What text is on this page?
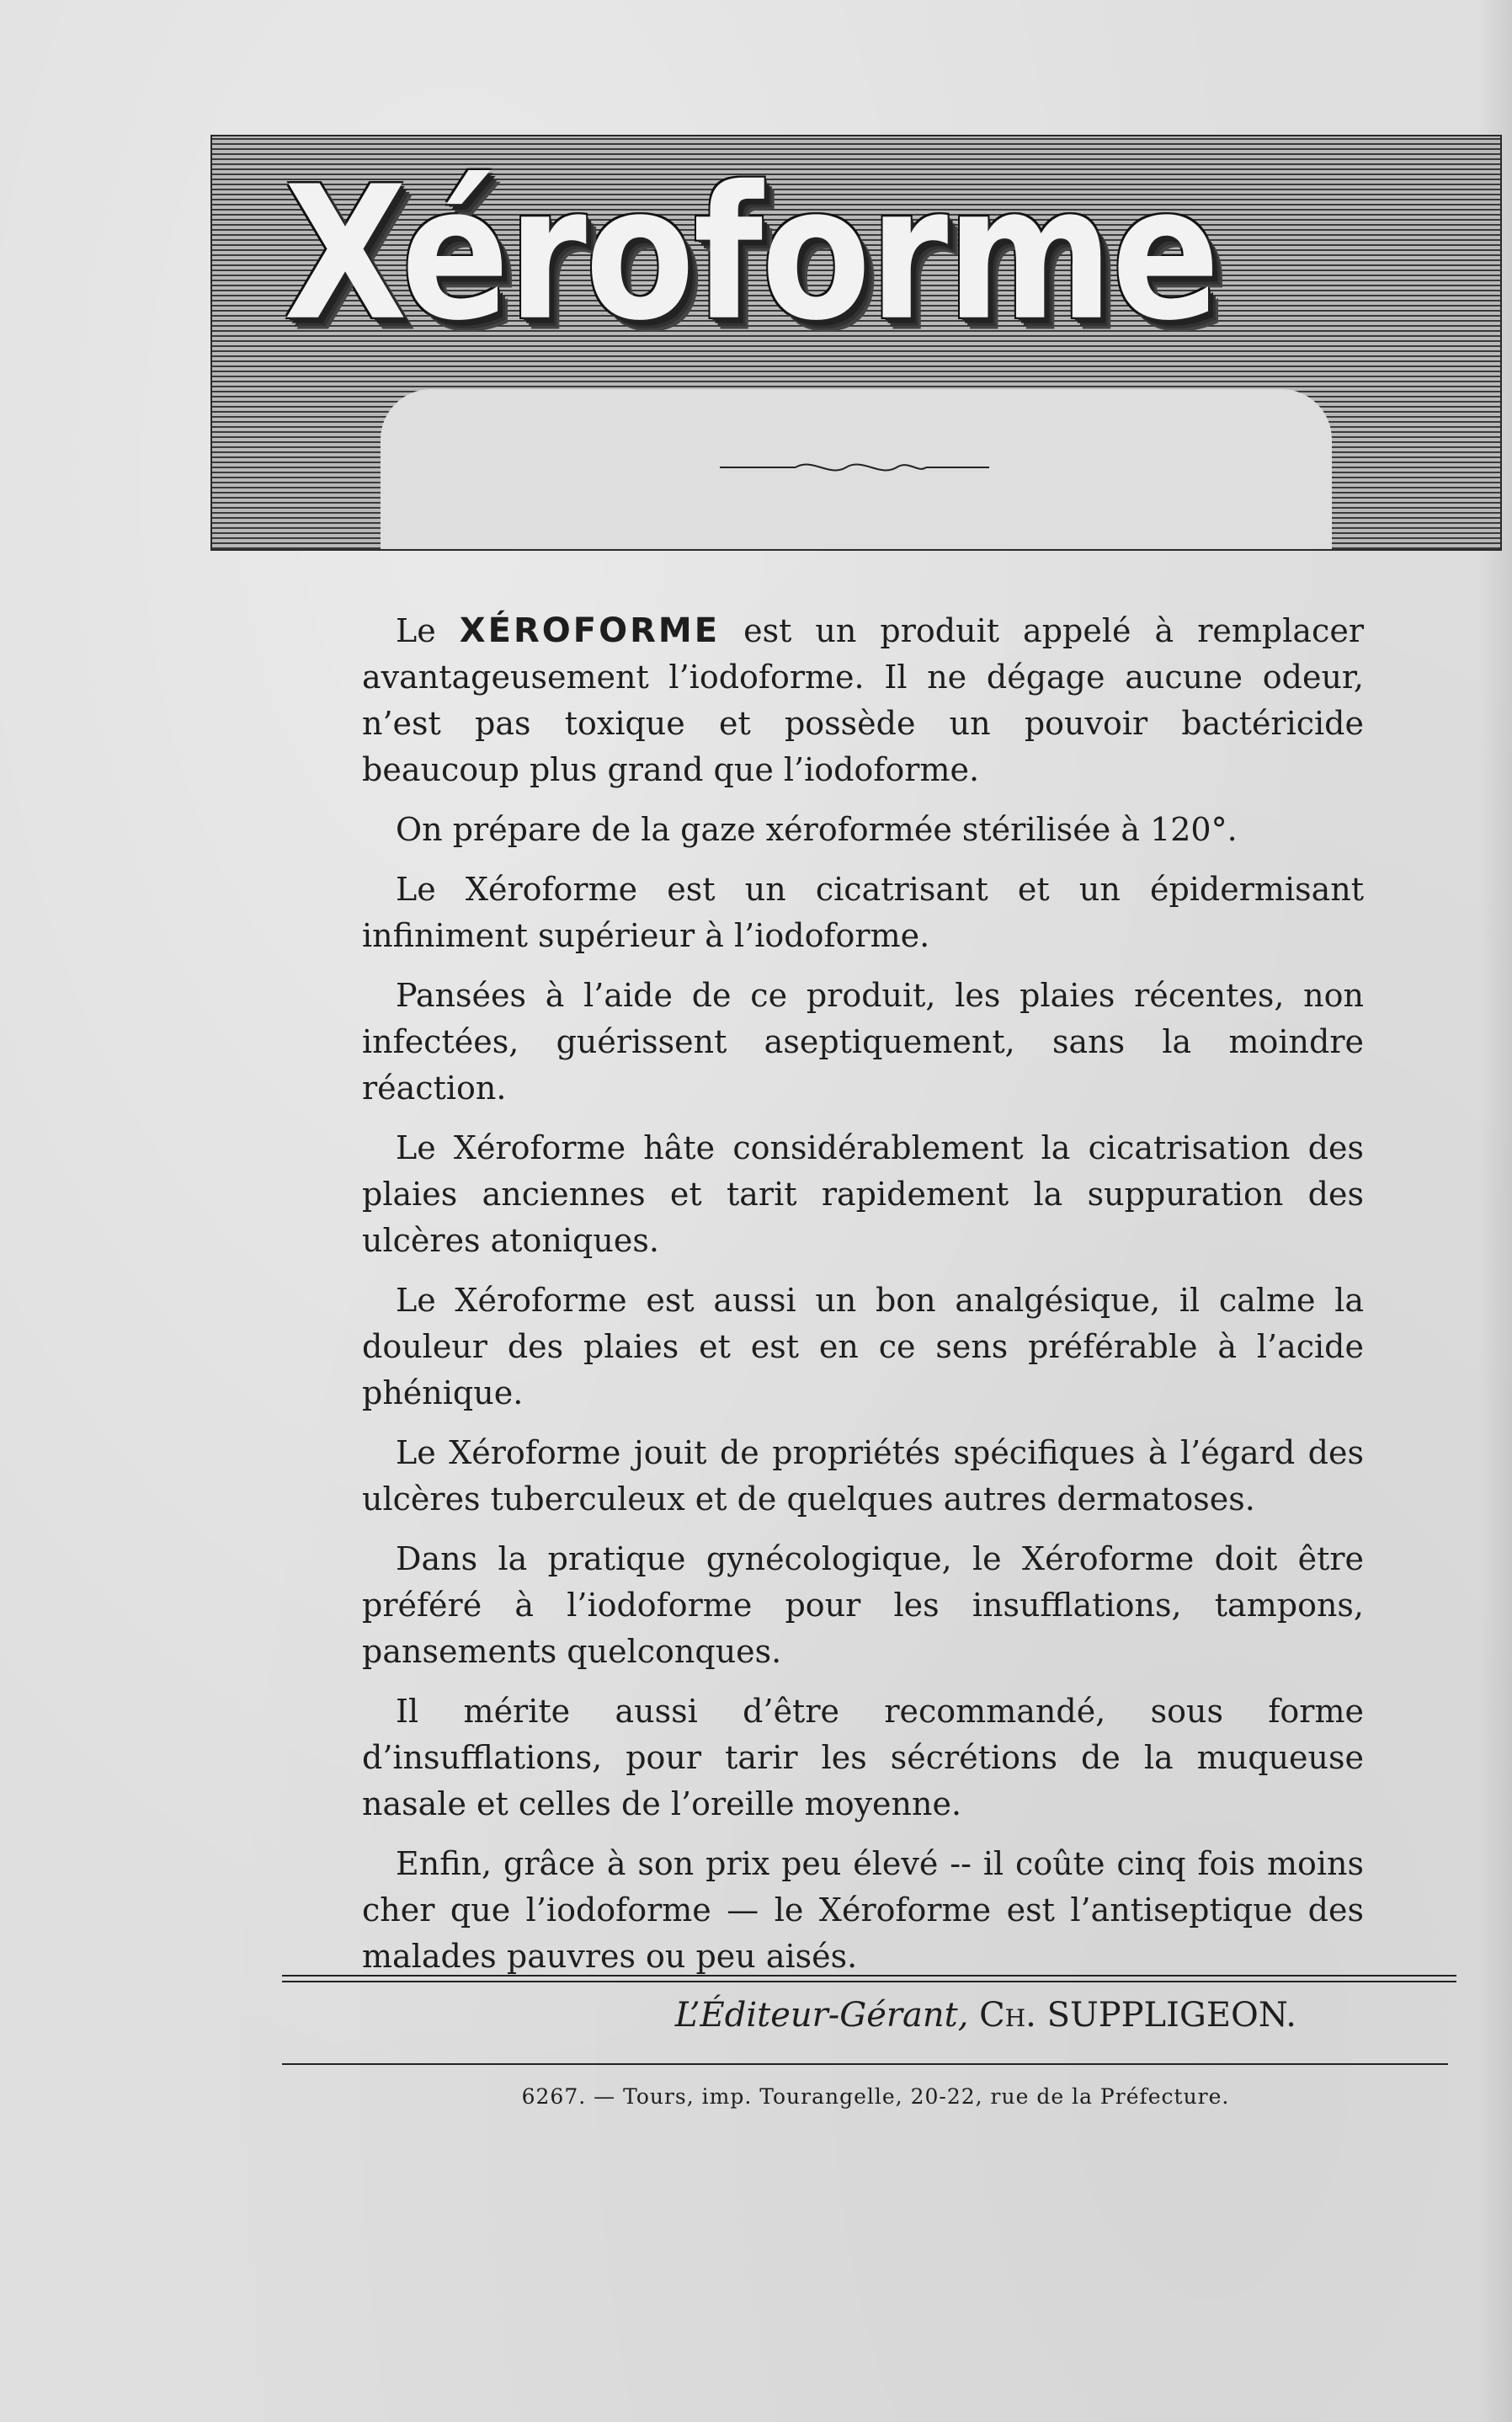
Xéroforme

Le XÉROFORME est un produit appelé à remplacer avantageusement l’iodoforme. Il ne dégage aucune odeur, n’est pas toxique et possède un pouvoir bactéricide beaucoup plus grand que l’iodoforme.

On prépare de la gaze xéroformée stérilisée à 120°.

Le Xéroforme est un cicatrisant et un épidermisant infiniment supérieur à l’iodoforme.

Pansées à l’aide de ce produit, les plaies récentes, non infectées, guérissent aseptiquement, sans la moindre réaction.

Le Xéroforme hâte considérablement la cicatrisation des plaies anciennes et tarit rapidement la suppuration des ulcères atoniques.

Le Xéroforme est aussi un bon analgésique, il calme la douleur des plaies et est en ce sens préférable à l’acide phénique.

Le Xéroforme jouit de propriétés spécifiques à l’égard des ulcères tuberculeux et de quelques autres dermatoses.

Dans la pratique gynécologique, le Xéroforme doit être préféré à l’iodoforme pour les insufflations, tampons, pansements quelconques.

Il mérite aussi d’être recommandé, sous forme d’insufflations, pour tarir les sécrétions de la muqueuse nasale et celles de l’oreille moyenne.

Enfin, grâce à son prix peu élevé -- il coûte cinq fois moins cher que l’iodoforme — le Xéroforme est l’antiseptique des malades pauvres ou peu aisés.

L’Éditeur-Gérant, Ch. SUPPLIGEON.
6267. — Tours, imp. Tourangelle, 20-22, rue de la Préfecture.
